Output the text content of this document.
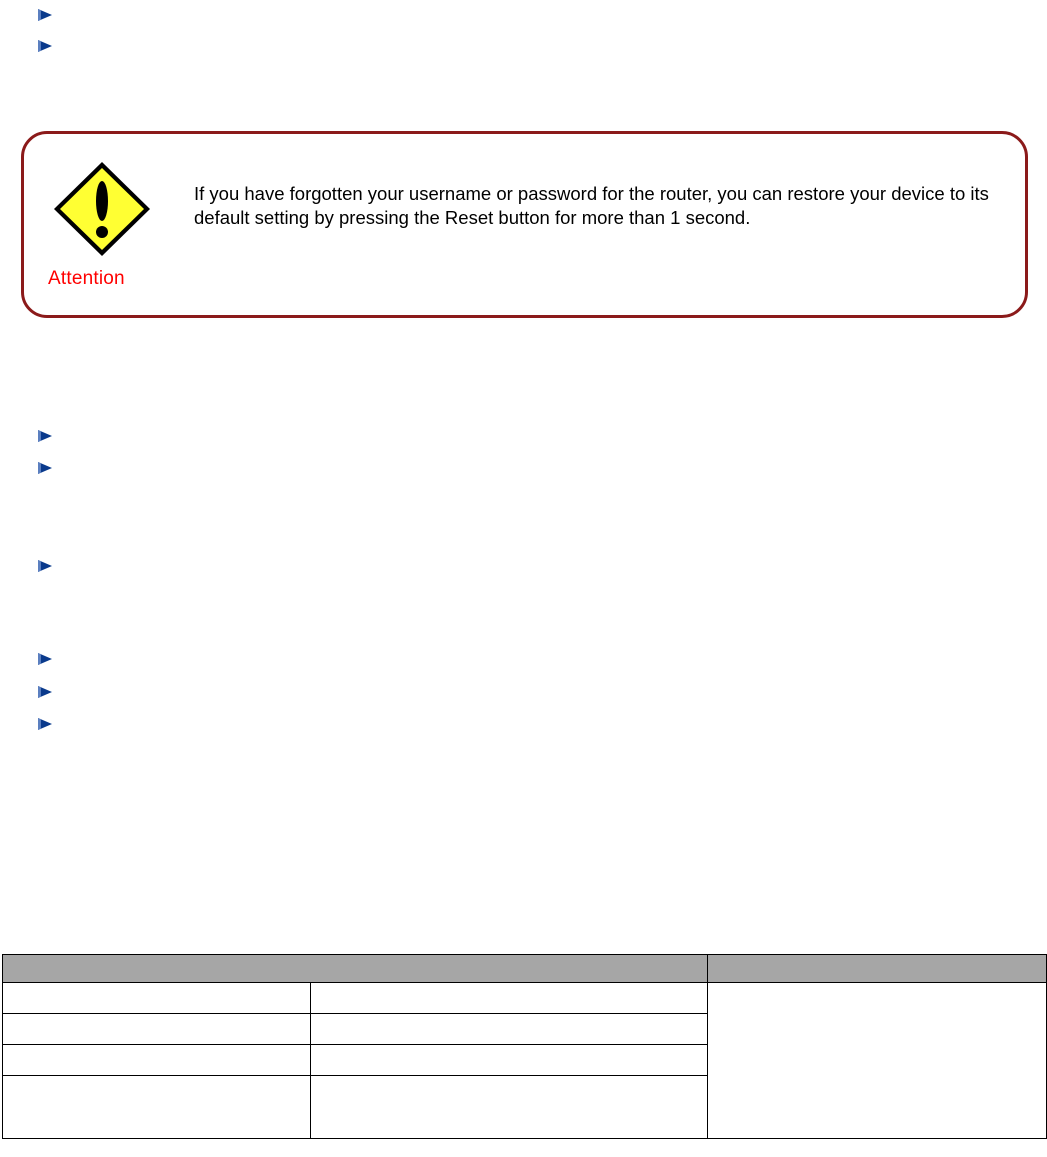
Attention
If you have forgotten your username or password for the router, you can restore your device to its default setting by pressing the Reset button for more than 1 second.
